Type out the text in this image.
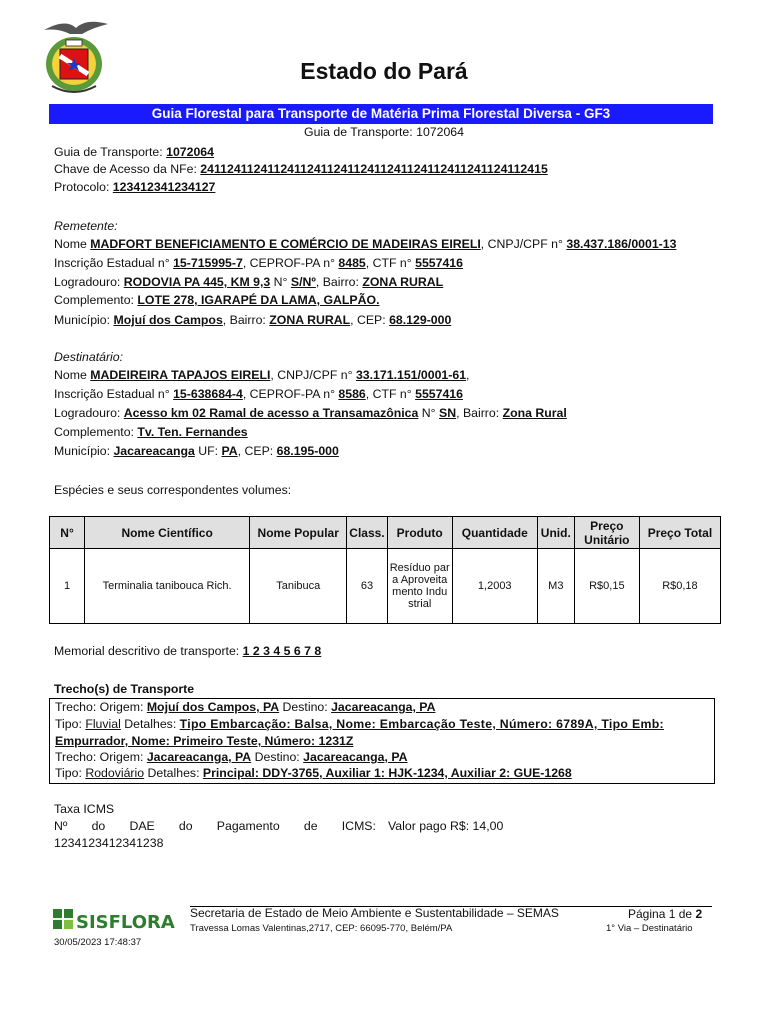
Estado do Pará
Guia Florestal para Transporte de Matéria Prima Florestal Diversa - GF3
Guia de Transporte: 1072064
Guia de Transporte: 1072064
Chave de Acesso da NFe: 2411241124112411241124112411241124112411241124112415
Protocolo: 123412341234127
Remetente:
Nome MADFORT BENEFICIAMENTO E COMÉRCIO DE MADEIRAS EIRELI, CNPJ/CPF n° 38.437.186/0001-13
Inscrição Estadual n° 15-715995-7, CEPROF-PA n° 8485, CTF n° 5557416
Logradouro: RODOVIA PA 445, KM 9,3 N° S/Nº, Bairro: ZONA RURAL
Complemento: LOTE 278, IGARAPÉ DA LAMA, GALPÃO.
Município: Mojuí dos Campos, Bairro: ZONA RURAL, CEP: 68.129-000
Destinatário:
Nome MADEIREIRA TAPAJOS EIRELI, CNPJ/CPF n° 33.171.151/0001-61,
Inscrição Estadual n° 15-638684-4, CEPROF-PA n° 8586, CTF n° 5557416
Logradouro: Acesso km 02 Ramal de acesso a Transamazônica N° SN, Bairro: Zona Rural
Complemento: Tv. Ten. Fernandes
Município: Jacareacanga UF: PA, CEP: 68.195-000
Espécies e seus correspondentes volumes:
N°	Nome Científico	Nome Popular	Class.	Produto	Quantidade	Unid.	Preço Unitário	Preço Total
1	Terminalia tanibouca Rich.	Tanibuca	63	Resíduo para Aproveitamento Industrial	1,2003	M3	R$0,15	R$0,18
Memorial descritivo de transporte: 1 2 3 4 5 6 7 8
Trecho(s) de Transporte
Trecho: Origem: Mojuí dos Campos, PA Destino: Jacareacanga, PA
Tipo: Fluvial Detalhes: Tipo Embarcação: Balsa, Nome: Embarcação Teste, Número: 6789A, Tipo Emb:
Empurrador, Nome: Primeiro Teste, Número: 1231Z
Trecho: Origem: Jacareacanga, PA Destino: Jacareacanga, PA
Tipo: Rodoviário Detalhes: Principal: DDY-3765, Auxiliar 1: HJK-1234, Auxiliar 2: GUE-1268
Taxa ICMS
Nº do DAE do Pagamento de ICMS: Valor pago R$: 14,00
1234123412341238
SISFLORA Secretaria de Estado de Meio Ambiente e Sustentabilidade – SEMAS
Travessa Lomas Valentinas,2717, CEP: 66095-770, Belém/PA
Página 1 de 2
1° Via – Destinatário
30/05/2023 17:48:37
